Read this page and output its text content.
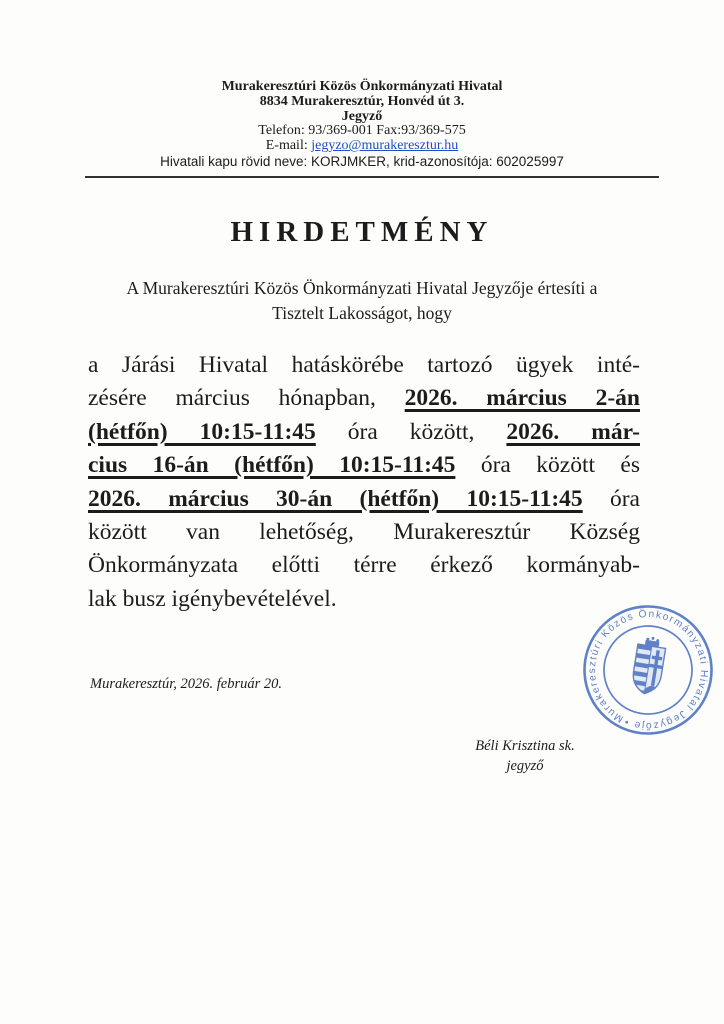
Murakeresztúri Közös Önkormányzati Hivatal
8834 Murakeresztúr, Honvéd út 3.
Jegyző
Telefon: 93/369-001 Fax:93/369-575
E-mail: jegyzo@murakeresztur.hu
Hivatali kapu rövid neve: KORJMKER, krid-azonosítója: 602025997
HIRDETMÉNY
A Murakeresztúri Közös Önkormányzati Hivatal Jegyzője értesíti a
Tisztelt Lakosságot, hogy
a Járási Hivatal hatáskörébe tartozó ügyek inté-
zésére március hónapban, 2026. március 2-án
(hétfőn) 10:15-11:45 óra között, 2026. már-
cius 16-án (hétfőn) 10:15-11:45 óra között és
2026. március 30-án (hétfőn) 10:15-11:45 óra
között van lehetőség, Murakeresztúr Község
Önkormányzata előtti térre érkező kormányab-
lak busz igénybevételével.
Murakeresztúr, 2026. február 20.
Béli Krisztina sk.
jegyző
Murakeresztúri Közös Önkormányzati Hivatal Jegyzője •
